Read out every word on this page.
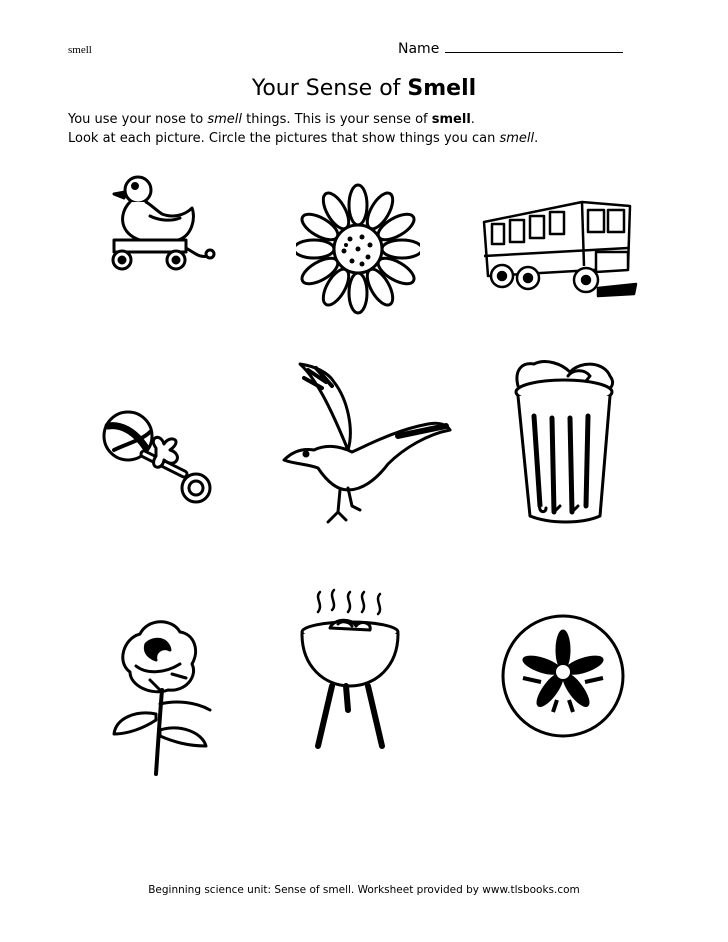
smell	Name
Your Sense of Smell
You use your nose to smell things. This is your sense of smell.
Look at each picture. Circle the pictures that show things you can smell.
Beginning science unit: Sense of smell. Worksheet provided by www.tlsbooks.com
